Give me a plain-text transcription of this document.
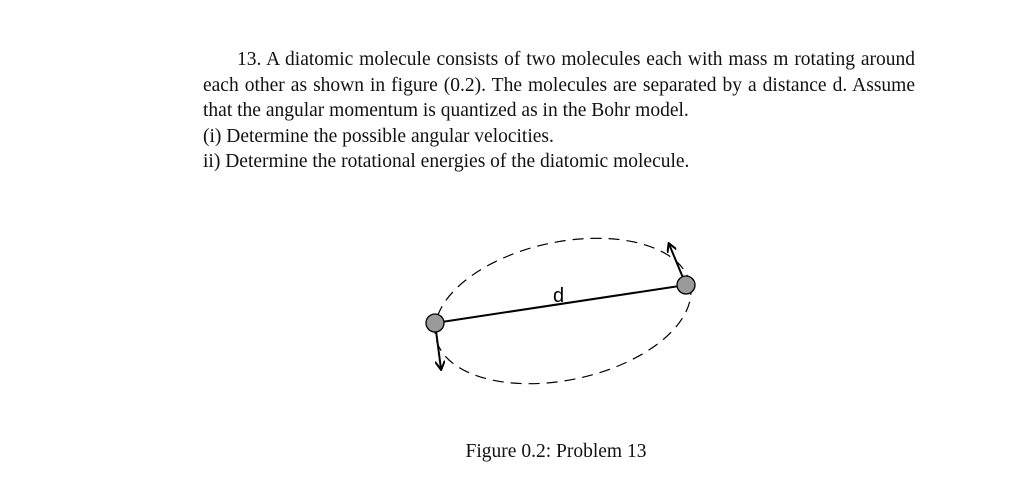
13. A diatomic molecule consists of two molecules each with mass m rotating around each other as shown in figure (0.2). The molecules are separated by a distance d. Assume that the angular momentum is quantized as in the Bohr model.

(i) Determine the possible angular velocities.

ii) Determine the rotational energies of the diatomic molecule.

d
Figure 0.2: Problem 13
